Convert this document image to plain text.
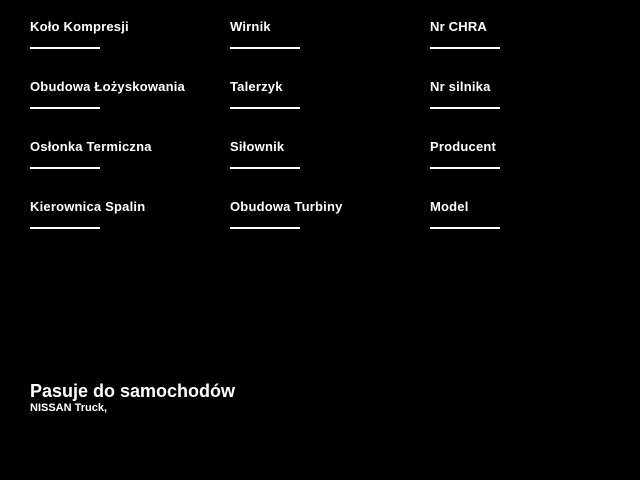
Koło Kompresji	Wirnik	Nr CHRA
Obudowa Łożyskowania	Talerzyk	Nr silnika
Osłonka Termiczna	Siłownik	Producent
Kierownica Spalin	Obudowa Turbiny	Model
Pasuje do samochodów

NISSAN Truck,
